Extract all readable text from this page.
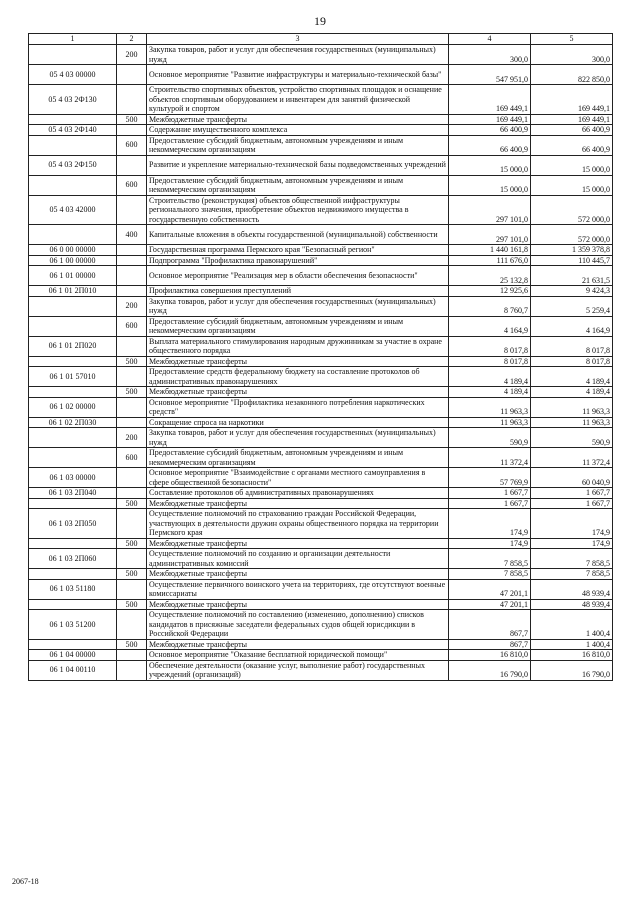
19
1	2	3	4	5
	200	Закупка товаров, работ и услуг для обеспечения государственных (муниципальных) нужд	300,0	300,0
05 4 03 00000		Основное мероприятие "Развитие инфраструктуры и материально-технической базы"	547 951,0	822 850,0
05 4 03 2Ф130		Строительство спортивных объектов, устройство спортивных площадок и оснащение объектов спортивным оборудованием и инвентарем для занятий физической культурой и спортом	169 449,1	169 449,1
	500	Межбюджетные трансферты	169 449,1	169 449,1
05 4 03 2Ф140		Содержание имущественного комплекса	66 400,9	66 400,9
	600	Предоставление субсидий бюджетным, автономным учреждениям и иным некоммерческим организациям	66 400,9	66 400,9
05 4 03 2Ф150		Развитие и укрепление материально-технической базы подведомственных учреждений	15 000,0	15 000,0
	600	Предоставление субсидий бюджетным, автономным учреждениям и иным некоммерческим организациям	15 000,0	15 000,0
05 4 03 42000		Строительство (реконструкция) объектов общественной инфраструктуры регионального значения, приобретение объектов недвижимого имущества в государственную собственность	297 101,0	572 000,0
	400	Капитальные вложения в объекты государственной (муниципальной) собственности	297 101,0	572 000,0
06 0 00 00000		Государственная программа Пермского края "Безопасный регион"	1 440 161,8	1 359 378,8
06 1 00 00000		Подпрограмма "Профилактика правонарушений"	111 676,0	110 445,7
06 1 01 00000		Основное мероприятие "Реализация мер в области обеспечения безопасности"	25 132,8	21 631,5
06 1 01 2П010		Профилактика совершения преступлений	12 925,6	9 424,3
	200	Закупка товаров, работ и услуг для обеспечения государственных (муниципальных) нужд	8 760,7	5 259,4
	600	Предоставление субсидий бюджетным, автономным учреждениям и иным некоммерческим организациям	4 164,9	4 164,9
06 1 01 2П020		Выплата материального стимулирования народным дружинникам за участие в охране общественного порядка	8 017,8	8 017,8
	500	Межбюджетные трансферты	8 017,8	8 017,8
06 1 01 57010		Предоставление средств федеральному бюджету на составление протоколов об административных правонарушениях	4 189,4	4 189,4
	500	Межбюджетные трансферты	4 189,4	4 189,4
06 1 02 00000		Основное мероприятие "Профилактика незаконного потребления наркотических средств"	11 963,3	11 963,3
06 1 02 2П030		Сокращение спроса на наркотики	11 963,3	11 963,3
	200	Закупка товаров, работ и услуг для обеспечения государственных (муниципальных) нужд	590,9	590,9
	600	Предоставление субсидий бюджетным, автономным учреждениям и иным некоммерческим организациям	11 372,4	11 372,4
06 1 03 00000		Основное мероприятие "Взаимодействие с органами местного самоуправления в сфере общественной безопасности"	57 769,9	60 040,9
06 1 03 2П040		Составление протоколов об административных правонарушениях	1 667,7	1 667,7
	500	Межбюджетные трансферты	1 667,7	1 667,7
06 1 03 2П050		Осуществление полномочий по страхованию граждан Российской Федерации, участвующих в деятельности дружин охраны общественного порядка на территории Пермского края	174,9	174,9
	500	Межбюджетные трансферты	174,9	174,9
06 1 03 2П060		Осуществление полномочий по созданию и организации деятельности административных комиссий	7 858,5	7 858,5
	500	Межбюджетные трансферты	7 858,5	7 858,5
06 1 03 51180		Осуществление первичного воинского учета на территориях, где отсутствуют военные комиссариаты	47 201,1	48 939,4
	500	Межбюджетные трансферты	47 201,1	48 939,4
06 1 03 51200		Осуществление полномочий по составлению (изменению, дополнению) списков кандидатов в присяжные заседатели федеральных судов общей юрисдикции в Российской Федерации	867,7	1 400,4
	500	Межбюджетные трансферты	867,7	1 400,4
06 1 04 00000		Основное мероприятие "Оказание бесплатной юридической помощи"	16 810,0	16 810,0
06 1 04 00110		Обеспечение деятельности (оказание услуг, выполнение работ) государственных учреждений (организаций)	16 790,0	16 790,0
2067-18
